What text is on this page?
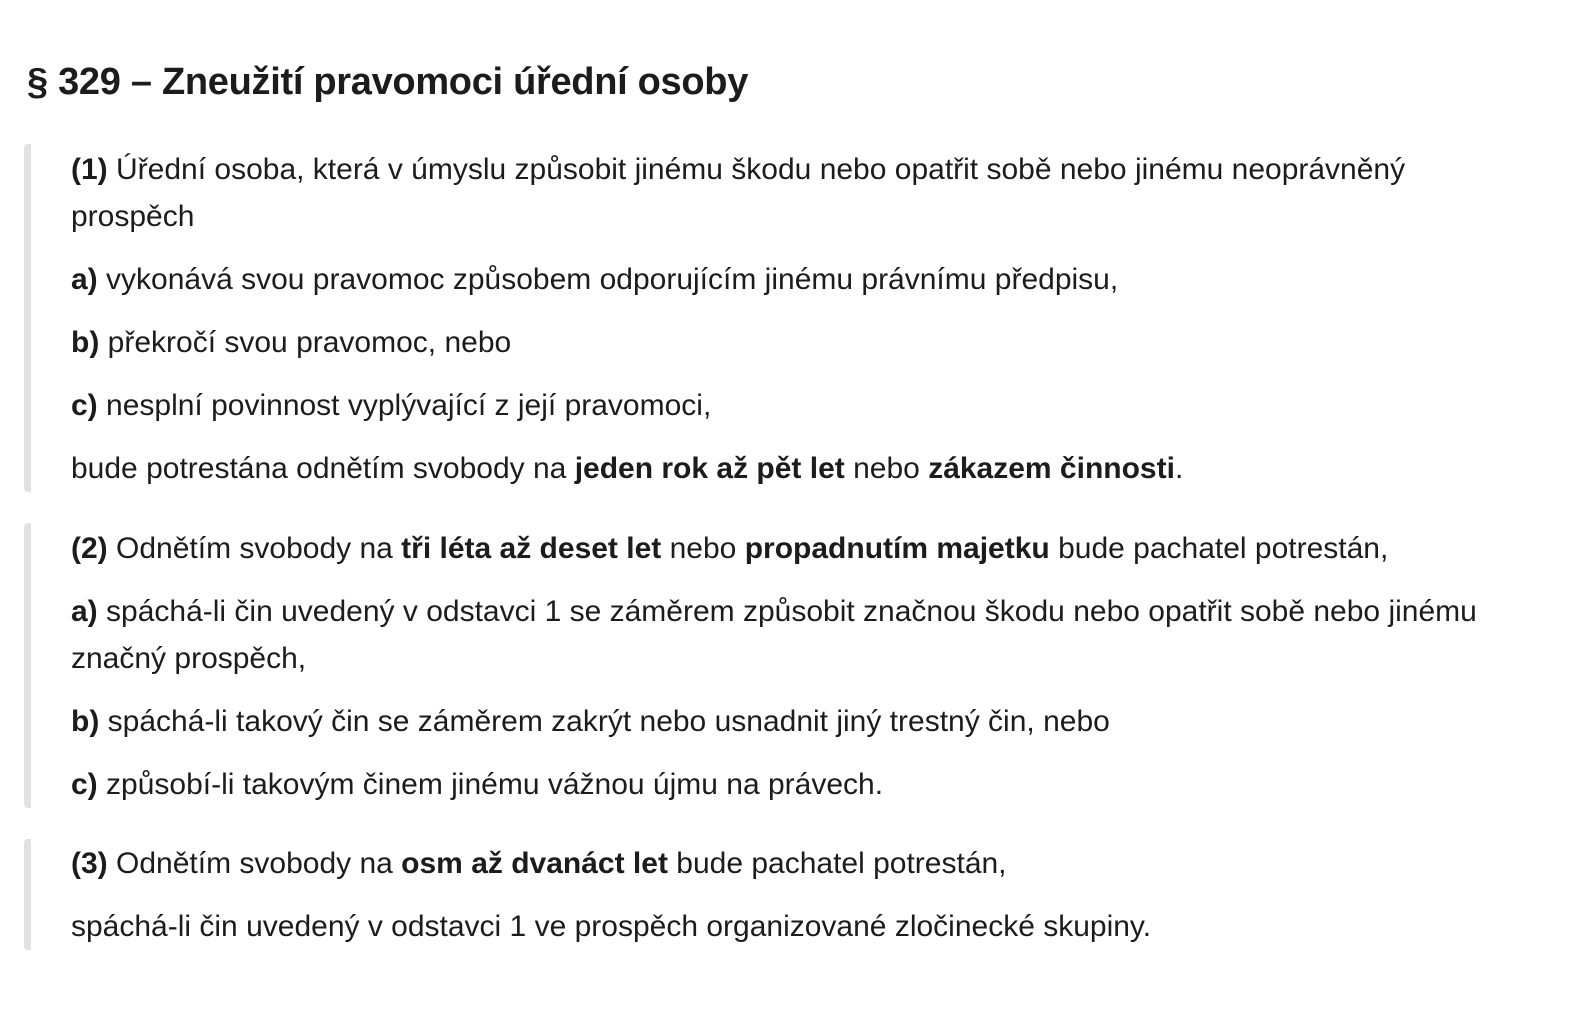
§ 329 – Zneužití pravomoci úřední osoby
(1) Úřední osoba, která v úmyslu způsobit jinému škodu nebo opatřit sobě nebo jinému neoprávněný prospěch
a) vykonává svou pravomoc způsobem odporujícím jinému právnímu předpisu,
b) překročí svou pravomoc, nebo
c) nesplní povinnost vyplývající z její pravomoci,
bude potrestána odnětím svobody na jeden rok až pět let nebo zákazem činnosti.
(2) Odnětím svobody na tři léta až deset let nebo propadnutím majetku bude pachatel potrestán,
a) spáchá-li čin uvedený v odstavci 1 se záměrem způsobit značnou škodu nebo opatřit sobě nebo jinému značný prospěch,
b) spáchá-li takový čin se záměrem zakrýt nebo usnadnit jiný trestný čin, nebo
c) způsobí-li takovým činem jinému vážnou újmu na právech.
(3) Odnětím svobody na osm až dvanáct let bude pachatel potrestán,
spáchá-li čin uvedený v odstavci 1 ve prospěch organizované zločinecké skupiny.
